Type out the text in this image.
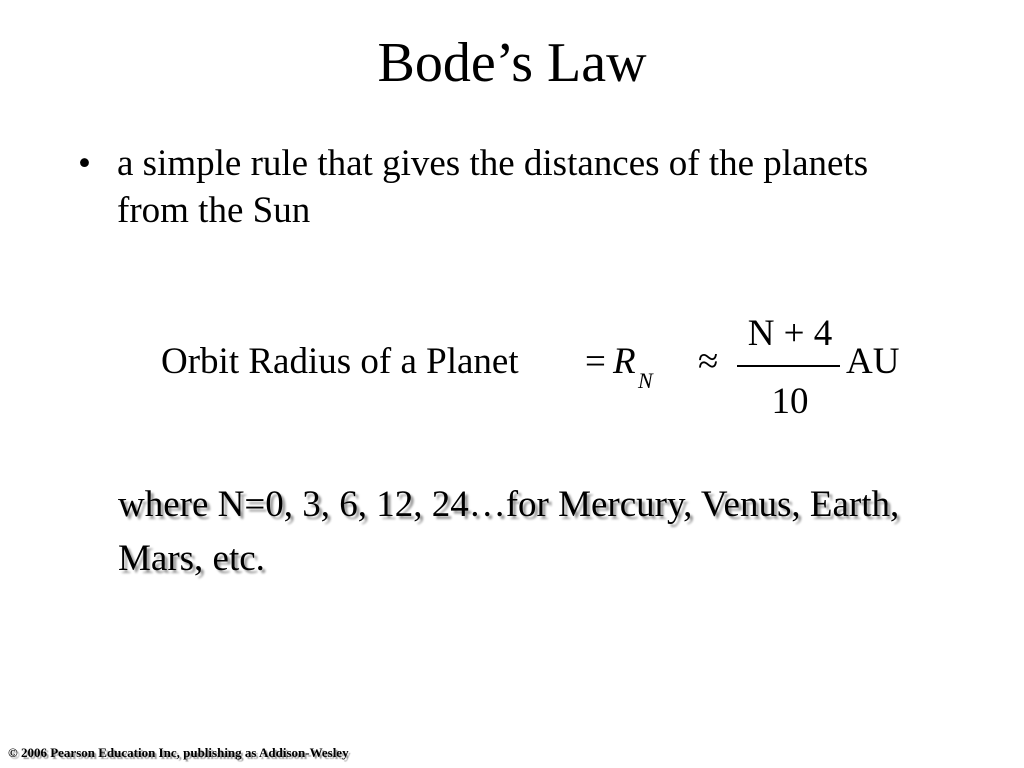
Bode’s Law
• a simple rule that gives the distances of the planets from the Sun
Orbit Radius of a Planet = R N ≈
N + 4
10
AU
where N=0, 3, 6, 12, 24…for Mercury, Venus, Earth, Mars, etc.
© 2006 Pearson Education Inc, publishing as Addison-Wesley
